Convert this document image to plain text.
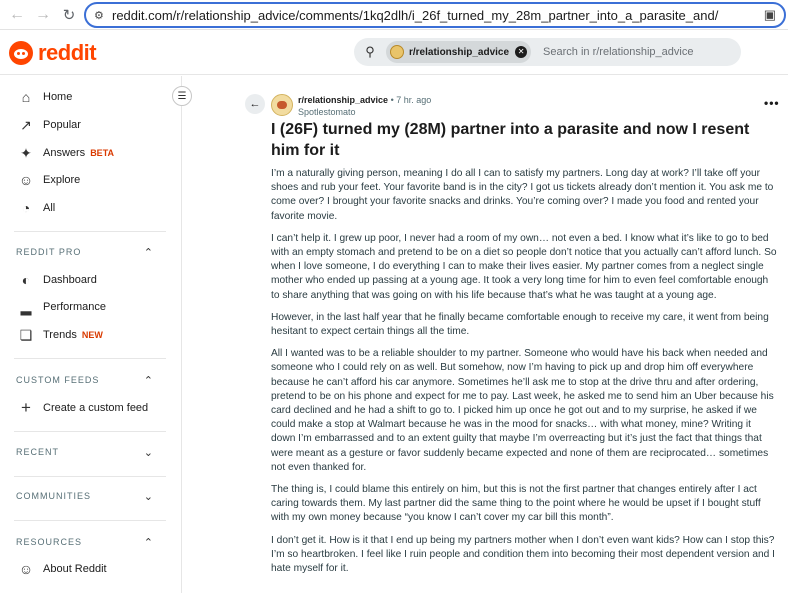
← → ↻	⚙ reddit.com/r/relationship_advice/comments/1kq2dlh/i_26f_turned_my_28m_partner_into_a_parasite_and/	▣
reddit	⚲	r/relationship_advice	✕ Search in r/relationship_advice
⌂	Home
↗ Popular
✦ Answers BETA
☺ Explore
◔	All
REDDIT PRO	⌃
◐	Dashboard
▂ Performance
❏ Trends NEW
CUSTOM FEEDS	⌃
+ Create a custom feed
RECENT	⌄
COMMUNITIES	⌄
RESOURCES	⌃
☺ About Reddit
☰
←	r/relationship_advice • 7 hr. ago
Spotlestomato
•••
I (26F) turned my (28M) partner into a parasite and now I resent him for it

I’m a naturally giving person, meaning I do all I can to satisfy my partners. Long day at work? I’ll take off your shoes and rub your feet. Your favorite band is in the city? I got us tickets already don’t mention it. You ask me to come over? I brought your favorite snacks and drinks. You’re coming over? I made you food and rented your favorite movie.

I can’t help it. I grew up poor, I never had a room of my own… not even a bed. I know what it’s like to go to bed with an empty stomach and pretend to be on a diet so people don’t notice that you actually can’t afford lunch. So when I love someone, I do everything I can to make their lives easier. My partner comes from a neglect single mother who ended up passing at a young age. It took a very long time for him to even feel comfortable enough to share anything that was going on with his life because that’s what he was taught at a young age.

However, in the last half year that he finally became comfortable enough to receive my care, it went from being hesitant to expect certain things all the time.

All I wanted was to be a reliable shoulder to my partner. Someone who would have his back when needed and someone who I could rely on as well. But somehow, now I’m having to pick up and drop him off everywhere because he can’t afford his car anymore. Sometimes he’ll ask me to stop at the drive thru and after ordering, pretend to be on his phone and expect for me to pay. Last week, he asked me to send him an Uber because his card declined and he had a shift to go to. I picked him up once he got out and to my surprise, he asked if we could make a stop at Walmart because he was in the mood for snacks… with what money, mine? Writing it down I’m embarrassed and to an extent guilty that maybe I’m overreacting but it’s just the fact that things that were meant as a gesture or favor suddenly became expected and none of them are reciprocated… sometimes not even thanked for.

The thing is, I could blame this entirely on him, but this is not the first partner that changes entirely after I act caring towards them. My last partner did the same thing to the point where he would be upset if I bought stuff with my own money because “you know I can’t cover my car bill this month”.

I don’t get it. How is it that I end up being my partners mother when I don’t even want kids? How can I stop this? I’m so heartbroken. I feel like I ruin people and condition them into becoming their most dependent version and I hate myself for it.
